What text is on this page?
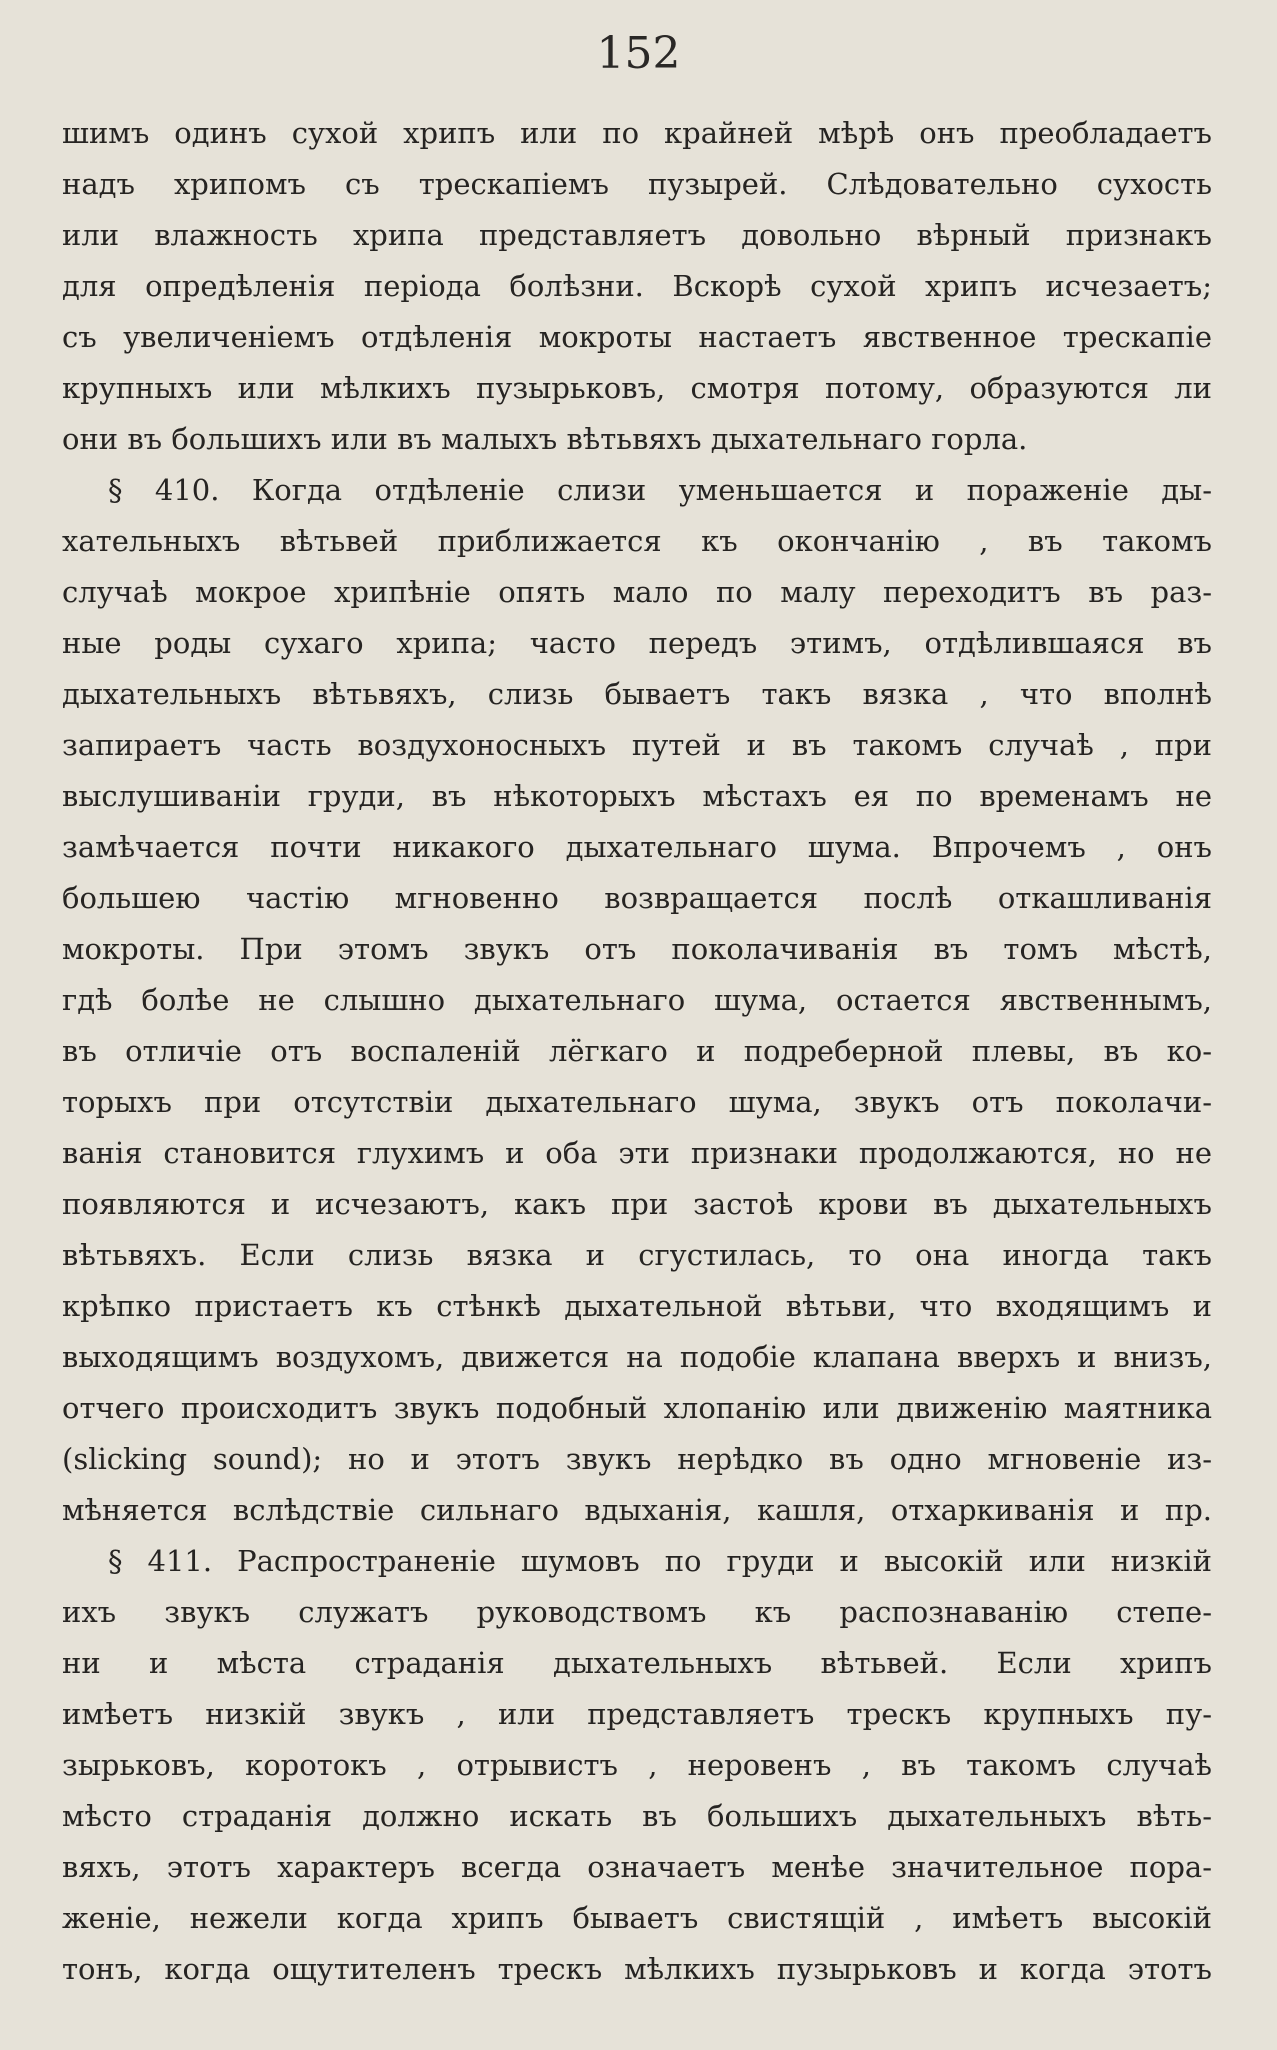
152
шимъ одинъ сухой хрипъ или по крайней мѣрѣ онъ преобладаетъ
надъ хрипомъ съ трескапіемъ пузырей. Слѣдовательно сухость
или влажность хрипа представляетъ довольно вѣрный признакъ
для опредѣленія періода болѣзни. Вскорѣ сухой хрипъ исчезаетъ;
съ увеличеніемъ отдѣленія мокроты настаетъ явственное трескапіе
крупныхъ или мѣлкихъ пузырьковъ, смотря потому, образуются ли
они въ большихъ или въ малыхъ вѣтьвяхъ дыхательнаго горла.
§ 410. Когда отдѣленіе слизи уменьшается и пораженіе ды-
хательныхъ вѣтьвей приближается къ окончанію , въ такомъ
случаѣ мокрое хрипѣніе опять мало по малу переходитъ въ раз-
ные роды сухаго хрипа; часто передъ этимъ, отдѣлившаяся въ
дыхательныхъ вѣтьвяхъ, слизь бываетъ такъ вязка , что вполнѣ
запираетъ часть воздухоносныхъ путей и въ такомъ случаѣ , при
выслушиваніи груди, въ нѣкоторыхъ мѣстахъ ея по временамъ не
замѣчается почти никакого дыхательнаго шума. Впрочемъ , онъ
большею частію мгновенно возвращается послѣ откашливанія
мокроты. При этомъ звукъ отъ поколачиванія въ томъ мѣстѣ,
гдѣ болѣе не слышно дыхательнаго шума, остается явственнымъ,
въ отличіе отъ воспаленій лёгкаго и подреберной плевы, въ ко-
торыхъ при отсутствіи дыхательнаго шума, звукъ отъ поколачи-
ванія становится глухимъ и оба эти признаки продолжаются, но не
появляются и исчезаютъ, какъ при застоѣ крови въ дыхательныхъ
вѣтьвяхъ. Если слизь вязка и сгустилась, то она иногда такъ
крѣпко пристаетъ къ стѣнкѣ дыхательной вѣтьви, что входящимъ и
выходящимъ воздухомъ, движется на подобіе клапана вверхъ и внизъ,
отчего происходитъ звукъ подобный хлопанію или движенію маятника
(slicking sound); но и этотъ звукъ нерѣдко въ одно мгновеніе из-
мѣняется вслѣдствіе сильнаго вдыханія, кашля, отхаркиванія и пр.
§ 411. Распространеніе шумовъ по груди и высокій или низкій
ихъ звукъ служатъ руководствомъ къ распознаванію степе-
ни и мѣста страданія дыхательныхъ вѣтьвей. Если хрипъ
имѣетъ низкій звукъ , или представляетъ трескъ крупныхъ пу-
зырьковъ, коротокъ , отрывистъ , неровенъ , въ такомъ случаѣ
мѣсто страданія должно искать въ большихъ дыхательныхъ вѣть-
вяхъ, этотъ характеръ всегда означаетъ менѣе значительное пора-
женіе, нежели когда хрипъ бываетъ свистящій , имѣетъ высокій
тонъ, когда ощутителенъ трескъ мѣлкихъ пузырьковъ и когда этотъ
